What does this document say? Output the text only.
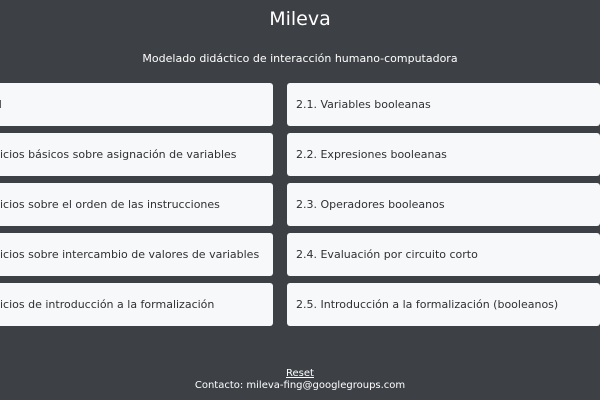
Mileva

Modelado didáctico de interacción humano-computadora

icios básicos sobre asignación de variables
icios sobre el orden de las instrucciones
icios sobre intercambio de valores de variables
icios de introducción a la formalización
2.1. Variables booleanas
2.2. Expresiones booleanas
2.3. Operadores booleanos
2.4. Evaluación por circuito corto
2.5. Introducción a la formalización (booleanos)
Reset
Contacto: mileva-fing@googlegroups.com
